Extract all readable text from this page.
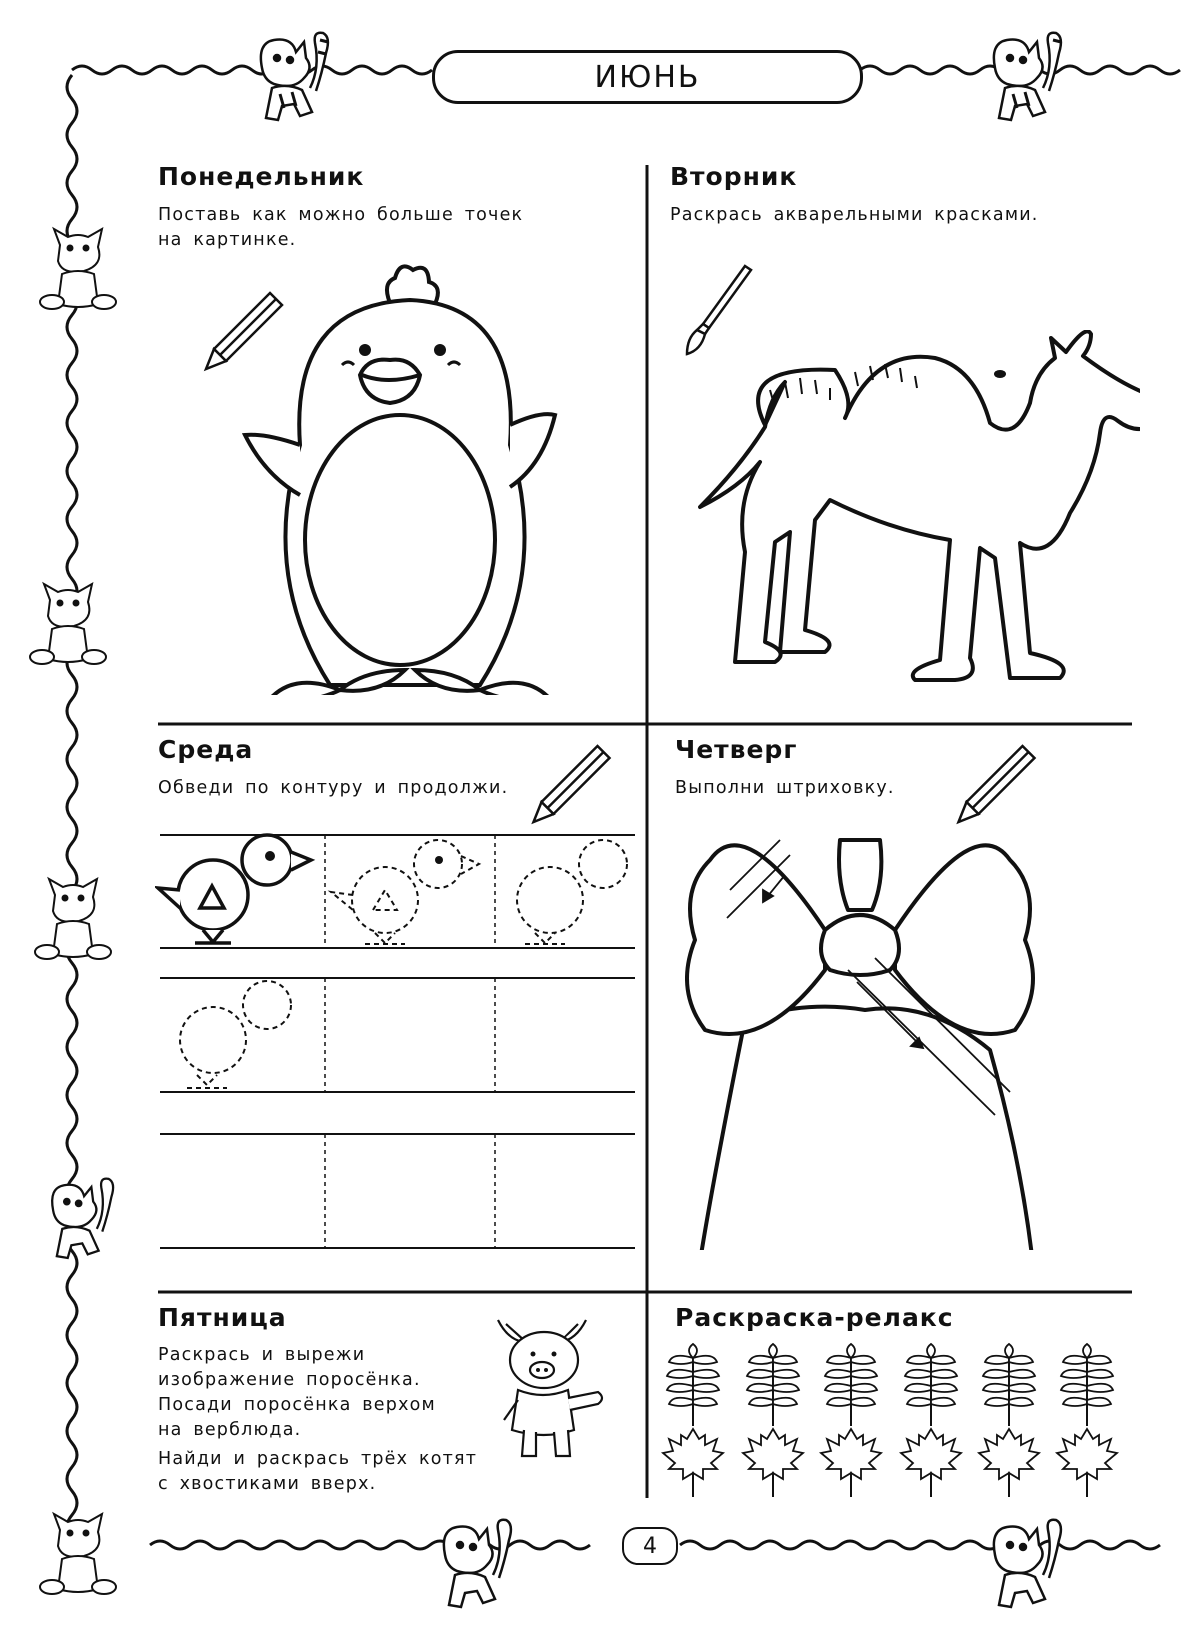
ИЮНЬ
Понедельник
Поставь как можно больше точек
на картинке.
Вторник
Раскрась акварельными красками.
Среда
Обведи по контуру и продолжи.
Четверг
Выполни штриховку.
Пятница
Раскрась и вырежи
изображение поросёнка.
Посади поросёнка верхом
на верблюда.
Найди и раскрась трёх котят
с хвостиками вверх.
Раскраска-релакс
4
